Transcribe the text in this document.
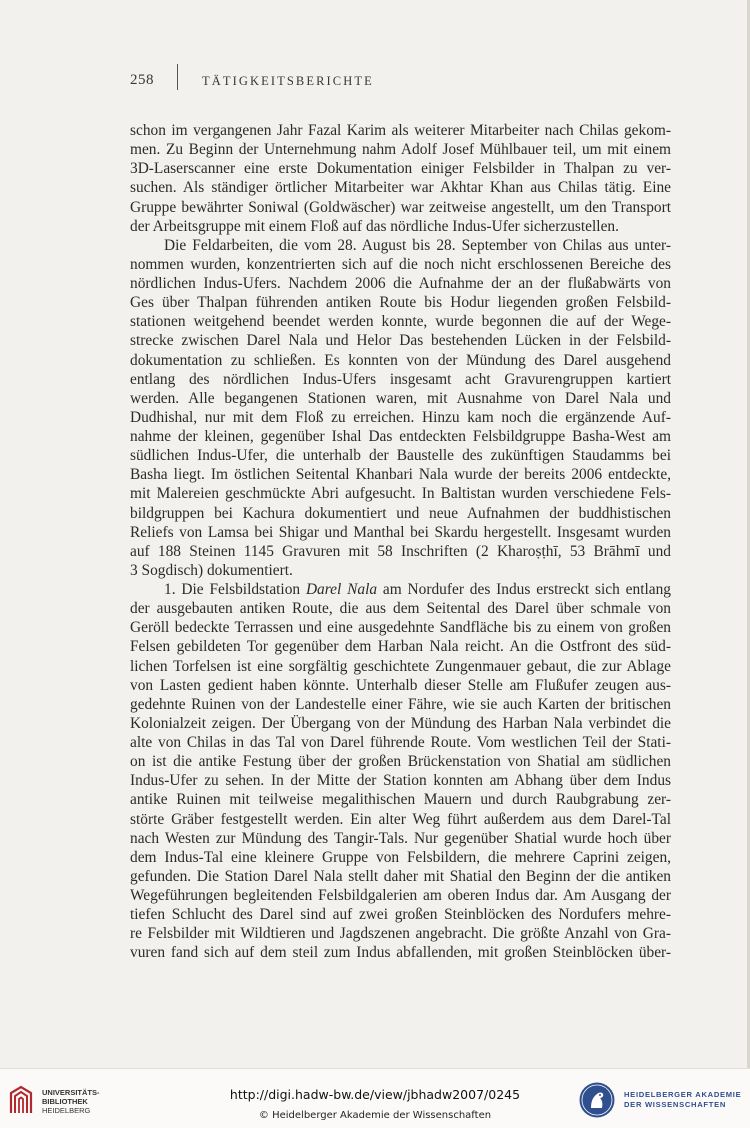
258	TÄTIGKEITSBERICHTE

schon im vergangenen Jahr Fazal Karim als weiterer Mitarbeiter nach Chilas gekom-
men. Zu Beginn der Unternehmung nahm Adolf Josef Mühlbauer teil, um mit einem
3D-Laserscanner eine erste Dokumentation einiger Felsbilder in Thalpan zu ver-
suchen. Als ständiger örtlicher Mitarbeiter war Akhtar Khan aus Chilas tätig. Eine
Gruppe bewährter Soniwal (Goldwäscher) war zeitweise angestellt, um den Transport
der Arbeitsgruppe mit einem Floß auf das nördliche Indus-Ufer sicherzustellen.

Die Feldarbeiten, die vom 28. August bis 28. September von Chilas aus unter-
nommen wurden, konzentrierten sich auf die noch nicht erschlossenen Bereiche des
nördlichen Indus-Ufers. Nachdem 2006 die Aufnahme der an der flußabwärts von
Ges über Thalpan führenden antiken Route bis Hodur liegenden großen Felsbild-
stationen weitgehend beendet werden konnte, wurde begonnen die auf der Wege-
strecke zwischen Darel Nala und Helor Das bestehenden Lücken in der Felsbild-
dokumentation zu schließen. Es konnten von der Mündung des Darel ausgehend
entlang des nördlichen Indus-Ufers insgesamt acht Gravurengruppen kartiert
werden. Alle begangenen Stationen waren, mit Ausnahme von Darel Nala und
Dudhishal, nur mit dem Floß zu erreichen. Hinzu kam noch die ergänzende Auf-
nahme der kleinen, gegenüber Ishal Das entdeckten Felsbildgruppe Basha-West am
südlichen Indus-Ufer, die unterhalb der Baustelle des zukünftigen Staudamms bei
Basha liegt. Im östlichen Seitental Khanbari Nala wurde der bereits 2006 entdeckte,
mit Malereien geschmückte Abri aufgesucht. In Baltistan wurden verschiedene Fels-
bildgruppen bei Kachura dokumentiert und neue Aufnahmen der buddhistischen
Reliefs von Lamsa bei Shigar und Manthal bei Skardu hergestellt. Insgesamt wurden
auf 188 Steinen 1145 Gravuren mit 58 Inschriften (2 Kharoṣṭhī, 53 Brāhmī und
3 Sogdisch) dokumentiert.

1. Die Felsbildstation Darel Nala am Nordufer des Indus erstreckt sich entlang
der ausgebauten antiken Route, die aus dem Seitental des Darel über schmale von
Geröll bedeckte Terrassen und eine ausgedehnte Sandfläche bis zu einem von großen
Felsen gebildeten Tor gegenüber dem Harban Nala reicht. An die Ostfront des süd-
lichen Torfelsen ist eine sorgfältig geschichtete Zungenmauer gebaut, die zur Ablage
von Lasten gedient haben könnte. Unterhalb dieser Stelle am Flußufer zeugen aus-
gedehnte Ruinen von der Landestelle einer Fähre, wie sie auch Karten der britischen
Kolonialzeit zeigen. Der Übergang von der Mündung des Harban Nala verbindet die
alte von Chilas in das Tal von Darel führende Route. Vom westlichen Teil der Stati-
on ist die antike Festung über der großen Brückenstation von Shatial am südlichen
Indus-Ufer zu sehen. In der Mitte der Station konnten am Abhang über dem Indus
antike Ruinen mit teilweise megalithischen Mauern und durch Raubgrabung zer-
störte Gräber festgestellt werden. Ein alter Weg führt außerdem aus dem Darel-Tal
nach Westen zur Mündung des Tangir-Tals. Nur gegenüber Shatial wurde hoch über
dem Indus-Tal eine kleinere Gruppe von Felsbildern, die mehrere Caprini zeigen,
gefunden. Die Station Darel Nala stellt daher mit Shatial den Beginn der die antiken
Wegeführungen begleitenden Felsbildgalerien am oberen Indus dar. Am Ausgang der
tiefen Schlucht des Darel sind auf zwei großen Steinblöcken des Nordufers mehre-
re Felsbilder mit Wildtieren und Jagdszenen angebracht. Die größte Anzahl von Gra-
vuren fand sich auf dem steil zum Indus abfallenden, mit großen Steinblöcken über-

UNIVERSITÄTS-
BIBLIOTHEK
HEIDELBERG
http://digi.hadw-bw.de/view/jbhadw2007/0245
© Heidelberger Akademie der Wissenschaften
HEIDELBERGER AKADEMIE
DER WISSENSCHAFTEN
